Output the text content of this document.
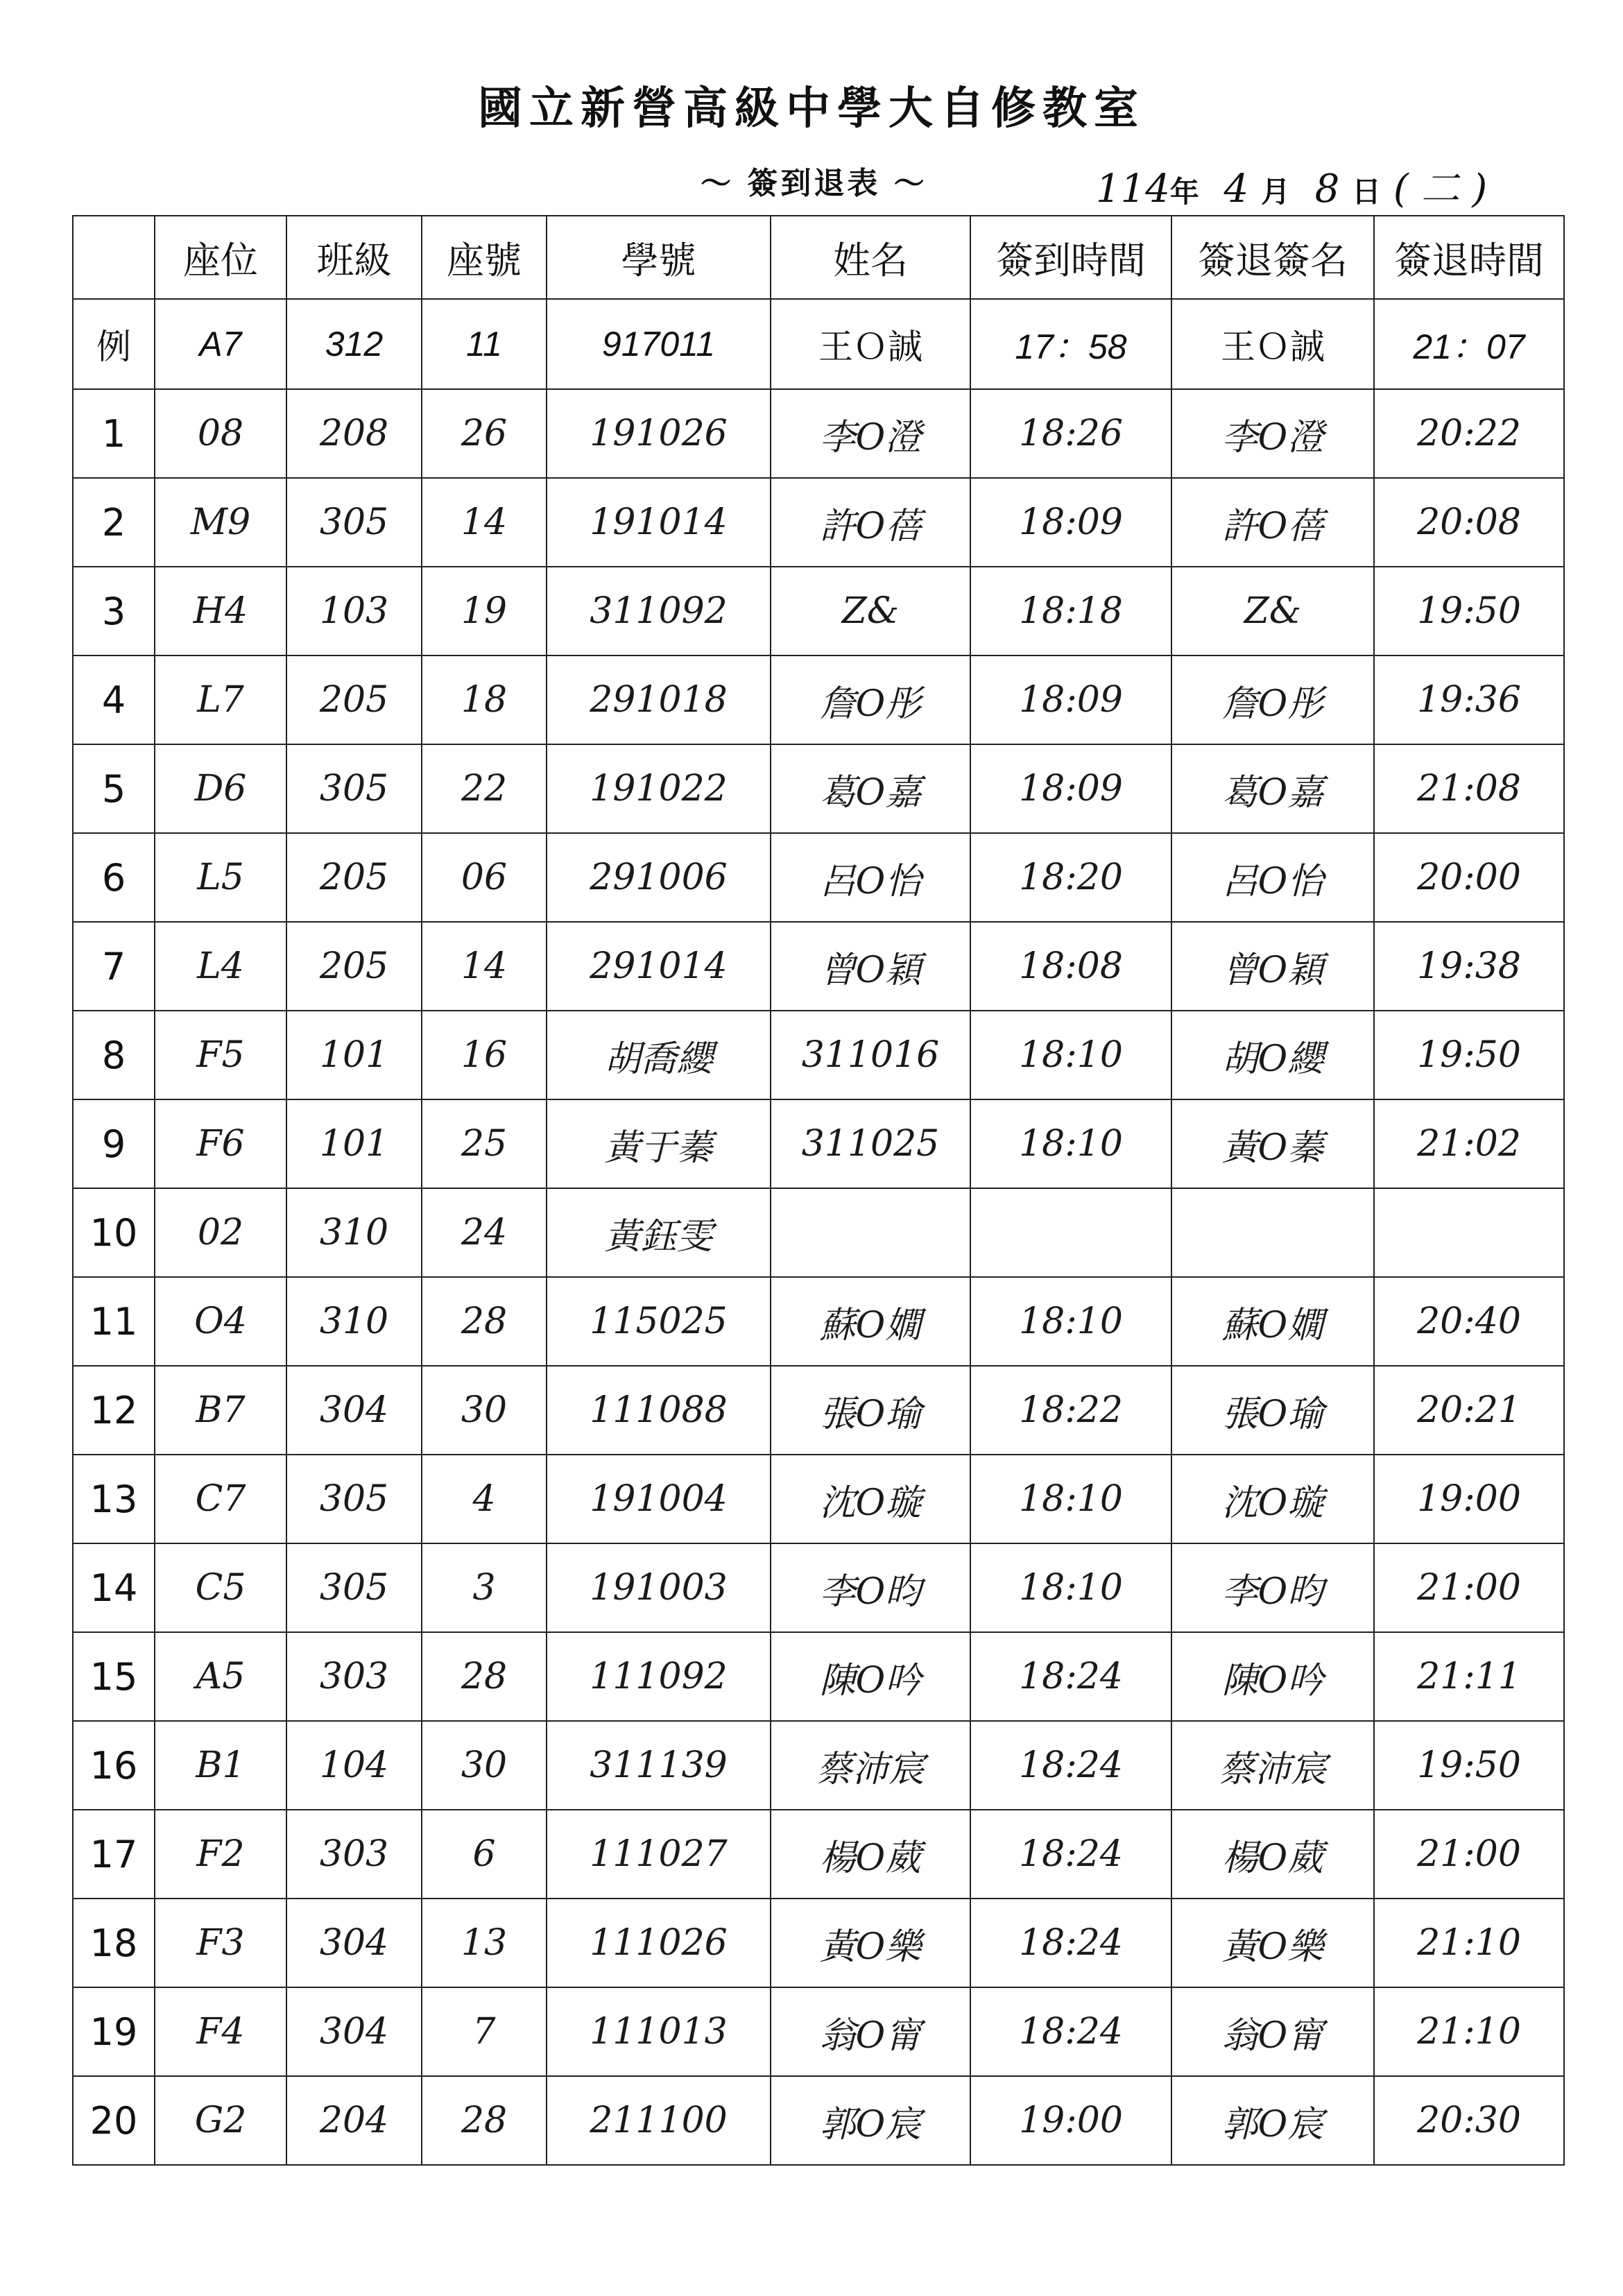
國立新營高級中學大自修教室
～ 簽到退表 ～	114年 4 月 8 日 ( 二 )
	座位	班級	座號	學號	姓名	簽到時間	簽退簽名	簽退時間
例	A7	312	11	917011	王Ｏ誠	17：58	王Ｏ誠	21：07
1	08	208	26	191026	李O澄	18:26	李O澄	20:22
2	M9	305	14	191014	許O蓓	18:09	許O蓓	20:08
3	H4	103	19	311092	Z&	18:18	Z&	19:50
4	L7	205	18	291018	詹O彤	18:09	詹O彤	19:36
5	D6	305	22	191022	葛O嘉	18:09	葛O嘉	21:08
6	L5	205	06	291006	呂O怡	18:20	呂O怡	20:00
7	L4	205	14	291014	曾O穎	18:08	曾O穎	19:38
8	F5	101	16	胡喬纓	311016	18:10	胡O纓	19:50
9	F6	101	25	黃于蓁	311025	18:10	黃O蓁	21:02
10	02	310	24	黃鈺雯				
11	O4	310	28	115025	蘇O嫺	18:10	蘇O嫺	20:40
12	B7	304	30	111088	張O瑜	18:22	張O瑜	20:21
13	C7	305	4	191004	沈O璇	18:10	沈O璇	19:00
14	C5	305	3	191003	李O昀	18:10	李O昀	21:00
15	A5	303	28	111092	陳O吟	18:24	陳O吟	21:11
16	B1	104	30	311139	蔡沛宸	18:24	蔡沛宸	19:50
17	F2	303	6	111027	楊O葳	18:24	楊O葳	21:00
18	F3	304	13	111026	黃O樂	18:24	黃O樂	21:10
19	F4	304	7	111013	翁O甯	18:24	翁O甯	21:10
20	G2	204	28	211100	郭O宸	19:00	郭O宸	20:30
